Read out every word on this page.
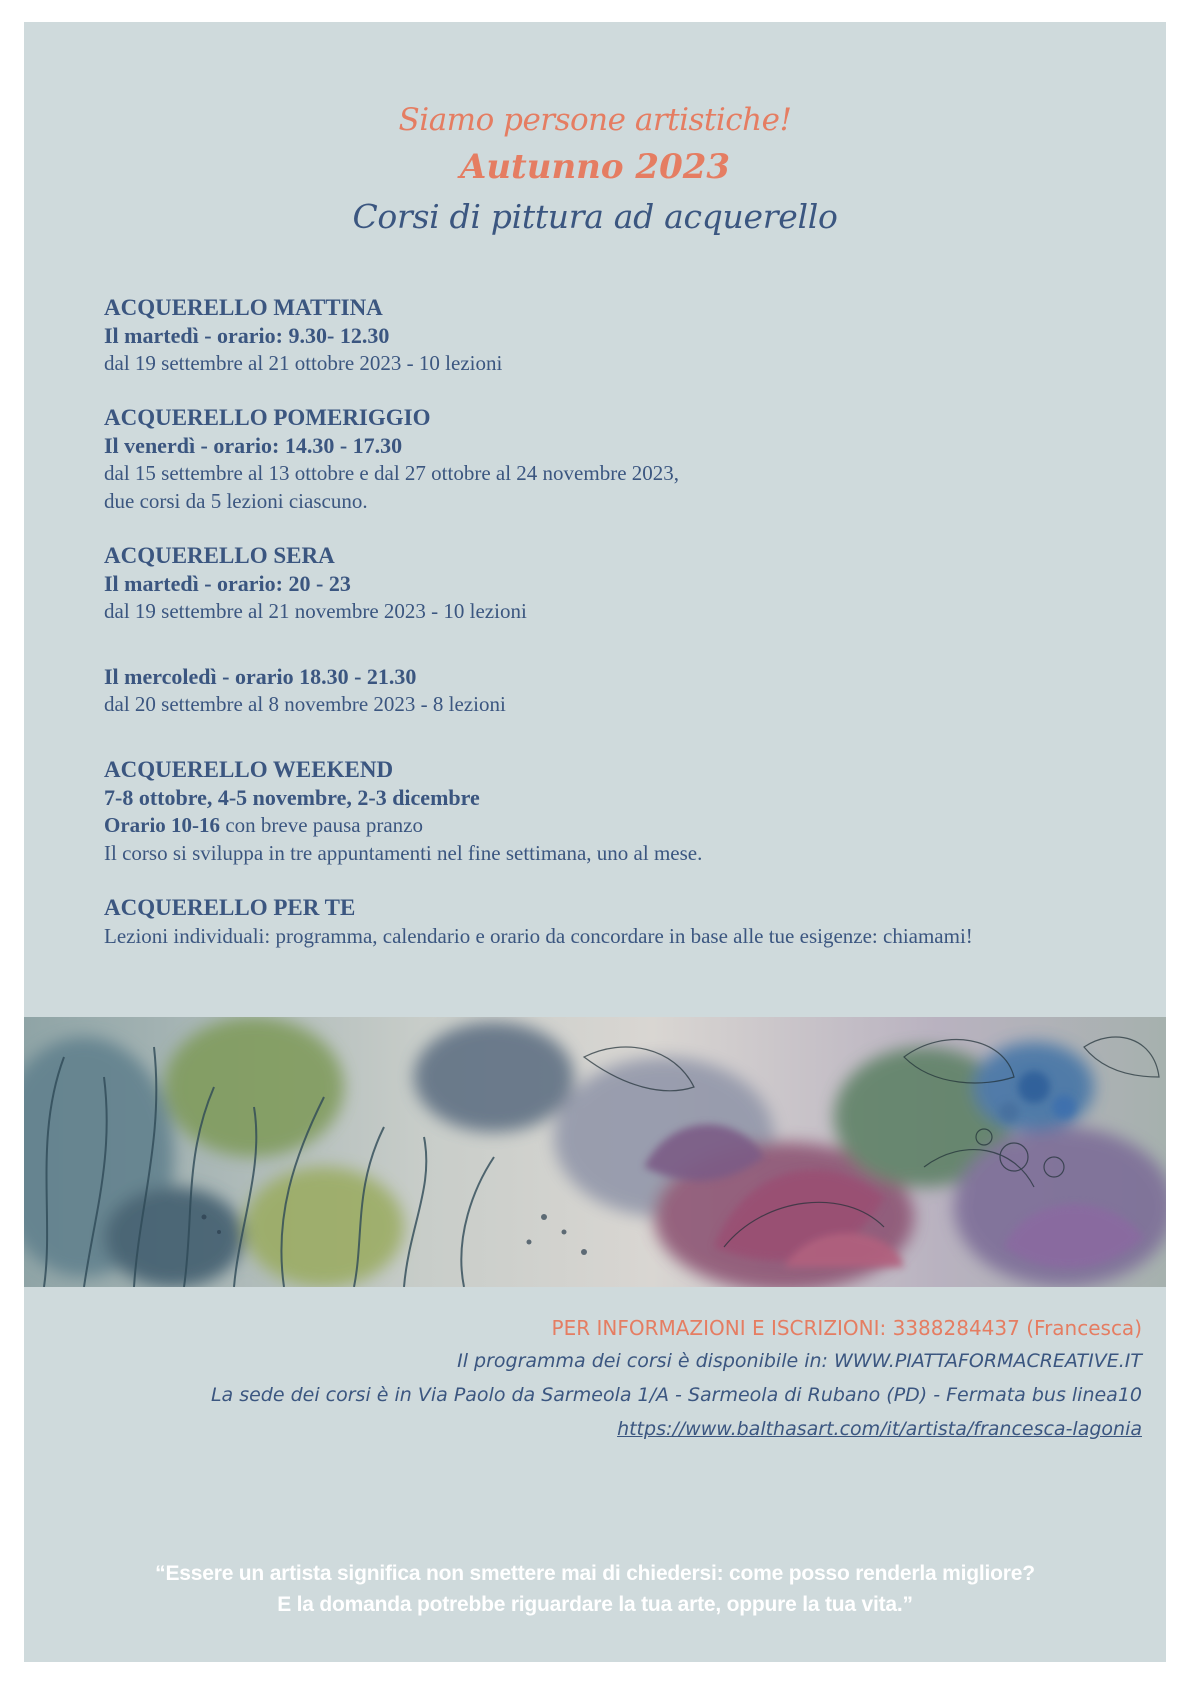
Siamo persone artistiche!
Autunno 2023
Corsi di pittura ad acquerello
ACQUERELLO MATTINA
Il martedì - orario: 9.30- 12.30

dal 19 settembre al 21 ottobre 2023 - 10 lezioni

ACQUERELLO POMERIGGIO
Il venerdì - orario: 14.30 - 17.30

dal 15 settembre al 13 ottobre e dal 27 ottobre al 24 novembre 2023,

due corsi da 5 lezioni ciascuno.

ACQUERELLO SERA
Il martedì - orario: 20 - 23

dal 19 settembre al 21 novembre 2023 - 10 lezioni

Il mercoledì - orario 18.30 - 21.30

dal 20 settembre al 8 novembre 2023 - 8 lezioni

ACQUERELLO WEEKEND
7-8 ottobre, 4-5 novembre, 2-3 dicembre

Orario 10-16 con breve pausa pranzo

Il corso si sviluppa in tre appuntamenti nel fine settimana, uno al mese.

ACQUERELLO PER TE

Lezioni individuali: programma, calendario e orario da concordare in base alle tue esigenze: chiamami!

PER INFORMAZIONI E ISCRIZIONI: 3388284437 (Francesca)
Il programma dei corsi è disponibile in: WWW.PIATTAFORMACREATIVE.IT
La sede dei corsi è in Via Paolo da Sarmeola 1/A - Sarmeola di Rubano (PD) - Fermata bus linea10
https://www.balthasart.com/it/artista/francesca-lagonia
“Essere un artista significa non smettere mai di chiedersi: come posso renderla migliore?
E la domanda potrebbe riguardare la tua arte, oppure la tua vita.”
